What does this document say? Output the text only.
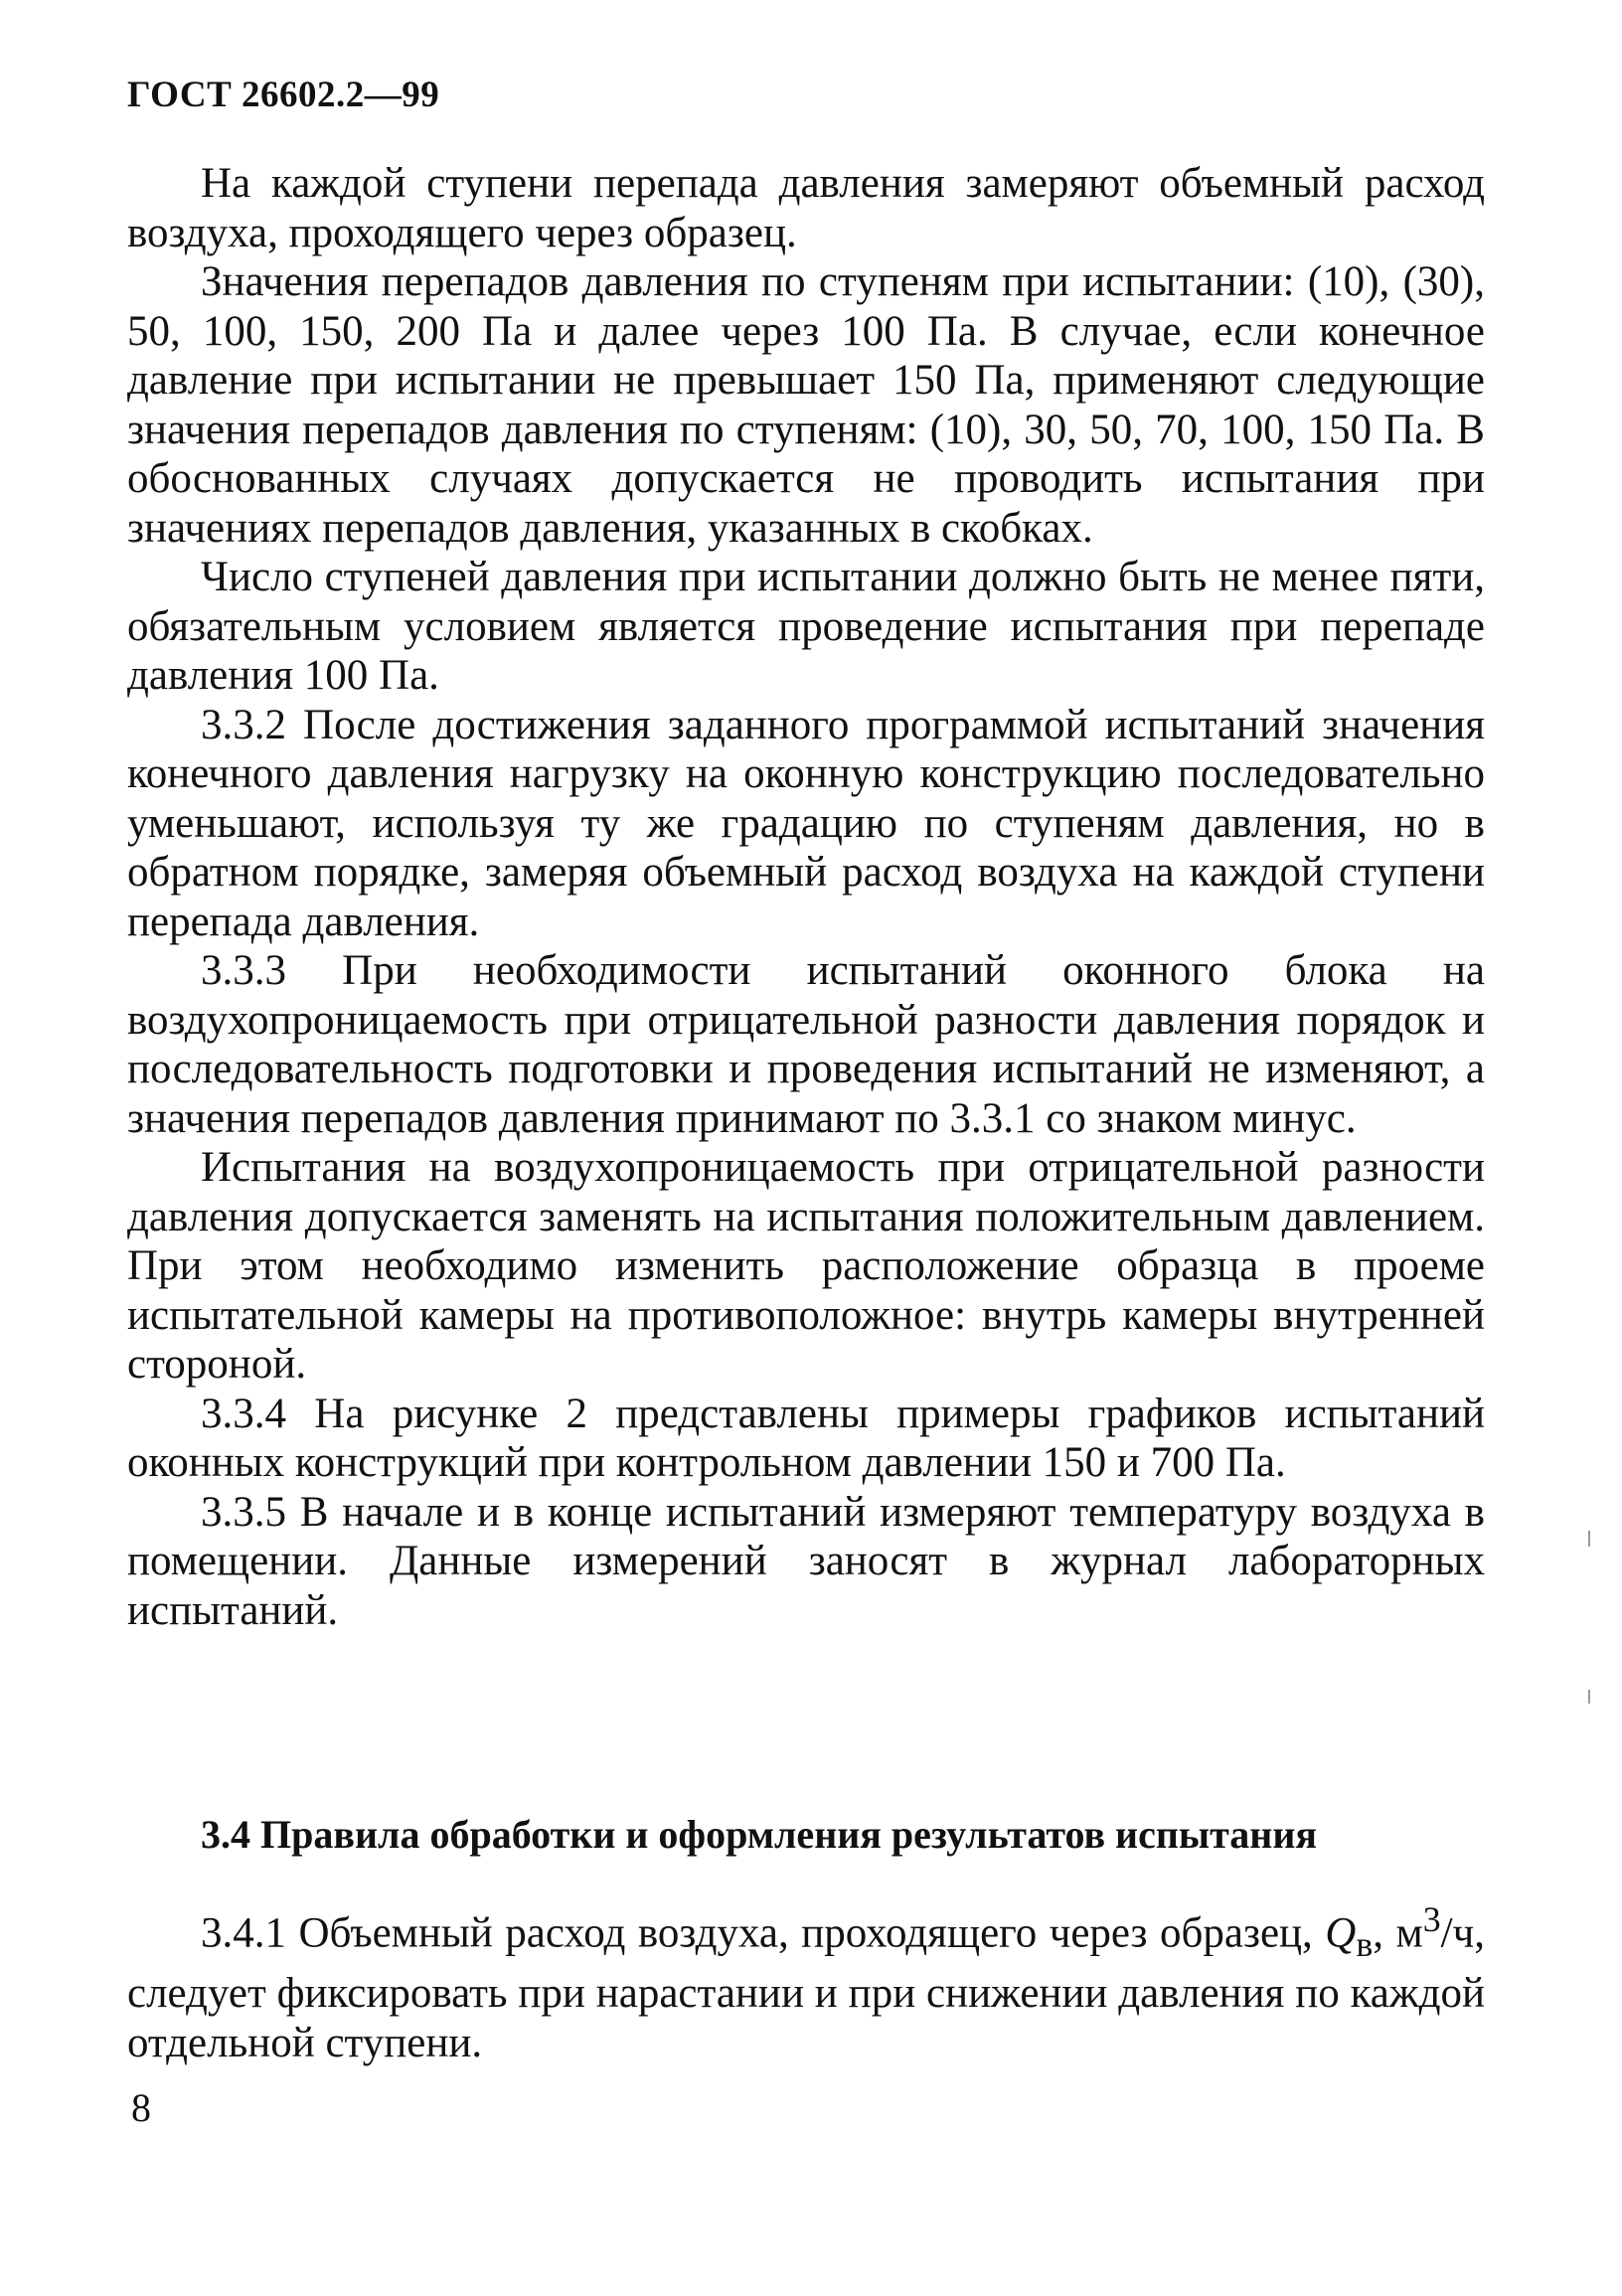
ГОСТ 26602.2—99

На каждой ступени перепада давления замеряют объемный расход воздуха, проходящего через образец.

Значения перепадов давления по ступеням при испытании: (10), (30), 50, 100, 150, 200 Па и далее через 100 Па. В случае, если конечное давление при испытании не превышает 150 Па, применяют следующие значения перепадов давления по ступеням: (10), 30, 50, 70, 100, 150 Па. В обоснованных случаях допускается не проводить испытания при значениях перепадов давления, указанных в скобках.

Число ступеней давления при испытании должно быть не менее пяти, обязательным условием является проведение испытания при перепаде давления 100 Па.

3.3.2 После достижения заданного программой испытаний значения конечного давления нагрузку на оконную конструкцию последовательно уменьшают, используя ту же градацию по ступеням давления, но в обратном порядке, замеряя объемный расход воздуха на каждой ступени перепада давления.

3.3.3 При необходимости испытаний оконного блока на воздухопроницаемость при отрицательной разности давления порядок и последовательность подготовки и проведения испытаний не изменяют, а значения перепадов давления принимают по 3.3.1 со знаком минус.

Испытания на воздухопроницаемость при отрицательной разности давления допускается заменять на испытания положительным давлением. При этом необходимо изменить расположение образца в проеме испытательной камеры на противоположное: внутрь камеры внутренней стороной.

3.3.4 На рисунке 2 представлены примеры графиков испытаний оконных конструкций при контрольном давлении 150 и 700 Па.

3.3.5 В начале и в конце испытаний измеряют температуру воздуха в помещении. Данные измерений заносят в журнал лабораторных испытаний.

3.4 Правила обработки и оформления результатов испытания

3.4.1 Объемный расход воздуха, проходящего через образец, $Q_в$, $м^3/ч$, следует фиксировать при нарастании и при снижении давления по каждой отдельной ступени.

8
